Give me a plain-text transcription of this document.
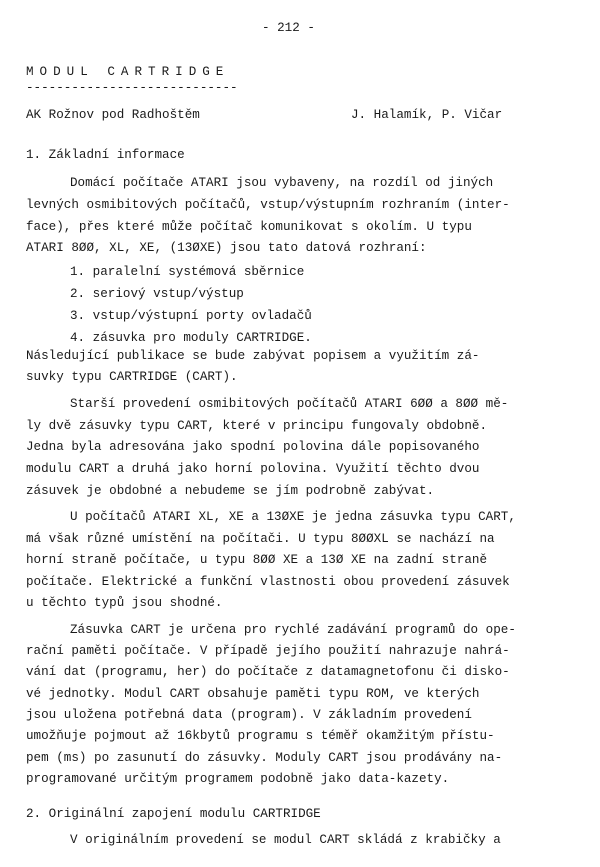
- 212 -
MODUL CARTRIDGE
----------------------------
AK Rožnov pod Radhoštěm	J. Halamík, P. Vičar
1. Základní informace
Domácí počítače ATARI jsou vybaveny, na rozdíl od jiných
levných osmibitových počítačů, vstup/výstupním rozhraním (inter-
face), přes které může počítač komunikovat s okolím. U typu
ATARI 8ØØ, XL, XE, (13ØXE) jsou tato datová rozhraní:
1. paralelní systémová sběrnice
2. seriový vstup/výstup
3. vstup/výstupní porty ovladačů
4. zásuvka pro moduly CARTRIDGE.
Následující publikace se bude zabývat popisem a využitím zá-
suvky typu CARTRIDGE (CART).
Starší provedení osmibitových počítačů ATARI 6ØØ a 8ØØ mě-
ly dvě zásuvky typu CART, které v principu fungovaly obdobně.
Jedna byla adresována jako spodní polovina dále popisovaného
modulu CART a druhá jako horní polovina. Využití těchto dvou
zásuvek je obdobné a nebudeme se jím podrobně zabývat.
U počítačů ATARI XL, XE a 13ØXE je jedna zásuvka typu CART,
má však různé umístění na počítači. U typu 8ØØXL se nachází na
horní straně počítače, u typu 8ØØ XE a 13Ø XE na zadní straně
počítače. Elektrické a funkční vlastnosti obou provedení zásuvek
u těchto typů jsou shodné.
Zásuvka CART je určena pro rychlé zadávání programů do ope-
rační paměti počítače. V případě jejího použití nahrazuje nahrá-
vání dat (programu, her) do počítače z datamagnetofonu či disko-
vé jednotky. Modul CART obsahuje paměti typu ROM, ve kterých
jsou uložena potřebná data (program). V základním provedení
umožňuje pojmout až 16kbytů programu s téměř okamžitým přístu-
pem (ms) po zasunutí do zásuvky. Moduly CART jsou prodávány na-
programované určitým programem podobně jako data-kazety.
2. Originální zapojení modulu CARTRIDGE
V originálním provedení se modul CART skládá z krabičky a
